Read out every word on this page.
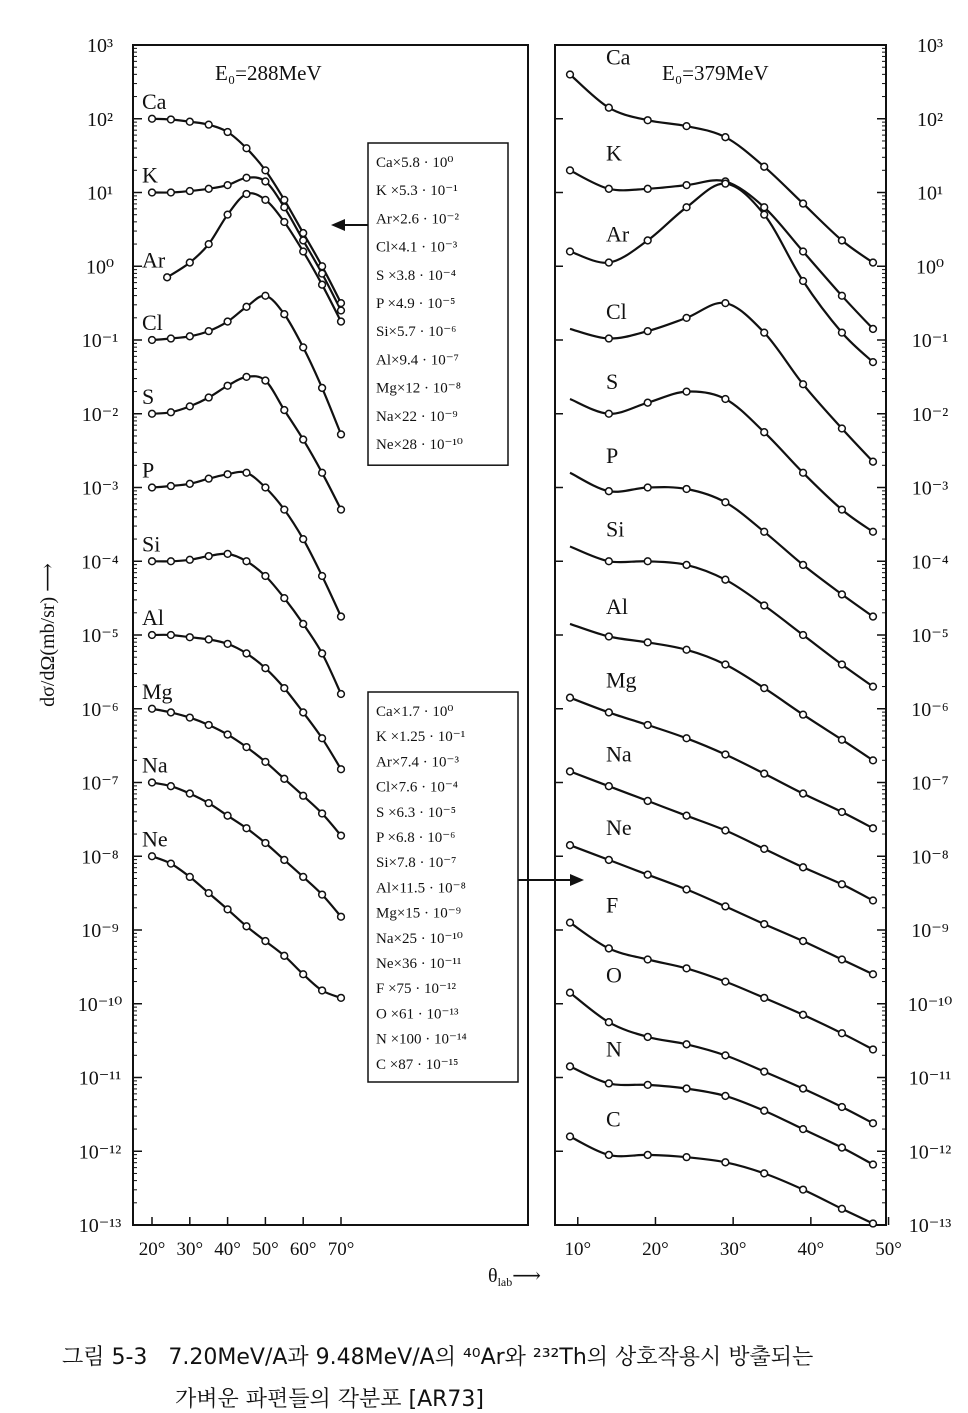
10³	10³
10²	10²
10¹	10¹
10⁰	10⁰
10⁻¹	10⁻¹
10⁻²	10⁻²
10⁻³	10⁻³
10⁻⁴	10⁻⁴
10⁻⁵	10⁻⁵
10⁻⁶	10⁻⁶
10⁻⁷	10⁻⁷
10⁻⁸	10⁻⁸
10⁻⁹	10⁻⁹
10⁻¹⁰	10⁻¹⁰
10⁻¹¹	10⁻¹¹
10⁻¹²	10⁻¹²
10⁻¹³	10⁻¹³
20° 30° 40° 50° 60° 70°
E₀=288MeV
Ca
K
Ar
Cl
S
P
Si
Al
Mg
Na
Ne
10°	20°	30°	40°	50°
E₀=379MeV
Ca
K
Ar
Cl
S
P
Si
Al
Mg
Na
Ne
F
O
N
C
Ca×5.8 · 10⁰
K ×5.3 · 10⁻¹
Ar×2.6 · 10⁻²
Cl×4.1 · 10⁻³
S ×3.8 · 10⁻⁴
P ×4.9 · 10⁻⁵
Si×5.7 · 10⁻⁶
Al×9.4 · 10⁻⁷
Mg×12 · 10⁻⁸
Na×22 · 10⁻⁹
Ne×28 · 10⁻¹⁰
Ca×1.7 · 10⁰
K ×1.25 · 10⁻¹
Ar×7.4 · 10⁻³
Cl×7.6 · 10⁻⁴
S ×6.3 · 10⁻⁵
P ×6.8 · 10⁻⁶
Si×7.8 · 10⁻⁷
Al×11.5 · 10⁻⁸
Mg×15 · 10⁻⁹
Na×25 · 10⁻¹⁰
Ne×36 · 10⁻¹¹
F ×75 · 10⁻¹²
O ×61 · 10⁻¹³
N ×100 · 10⁻¹⁴
C ×87 · 10⁻¹⁵
dσ/dΩ(mb/sr) ⟶
$\theta_{lab}⟶$
그림 5-3 7.20MeV/A과 9.48MeV/A의 ⁴⁰Ar와 ²³²Th의 상호작용시 방출되는
가벼운 파편들의 각분포 [AR73]
